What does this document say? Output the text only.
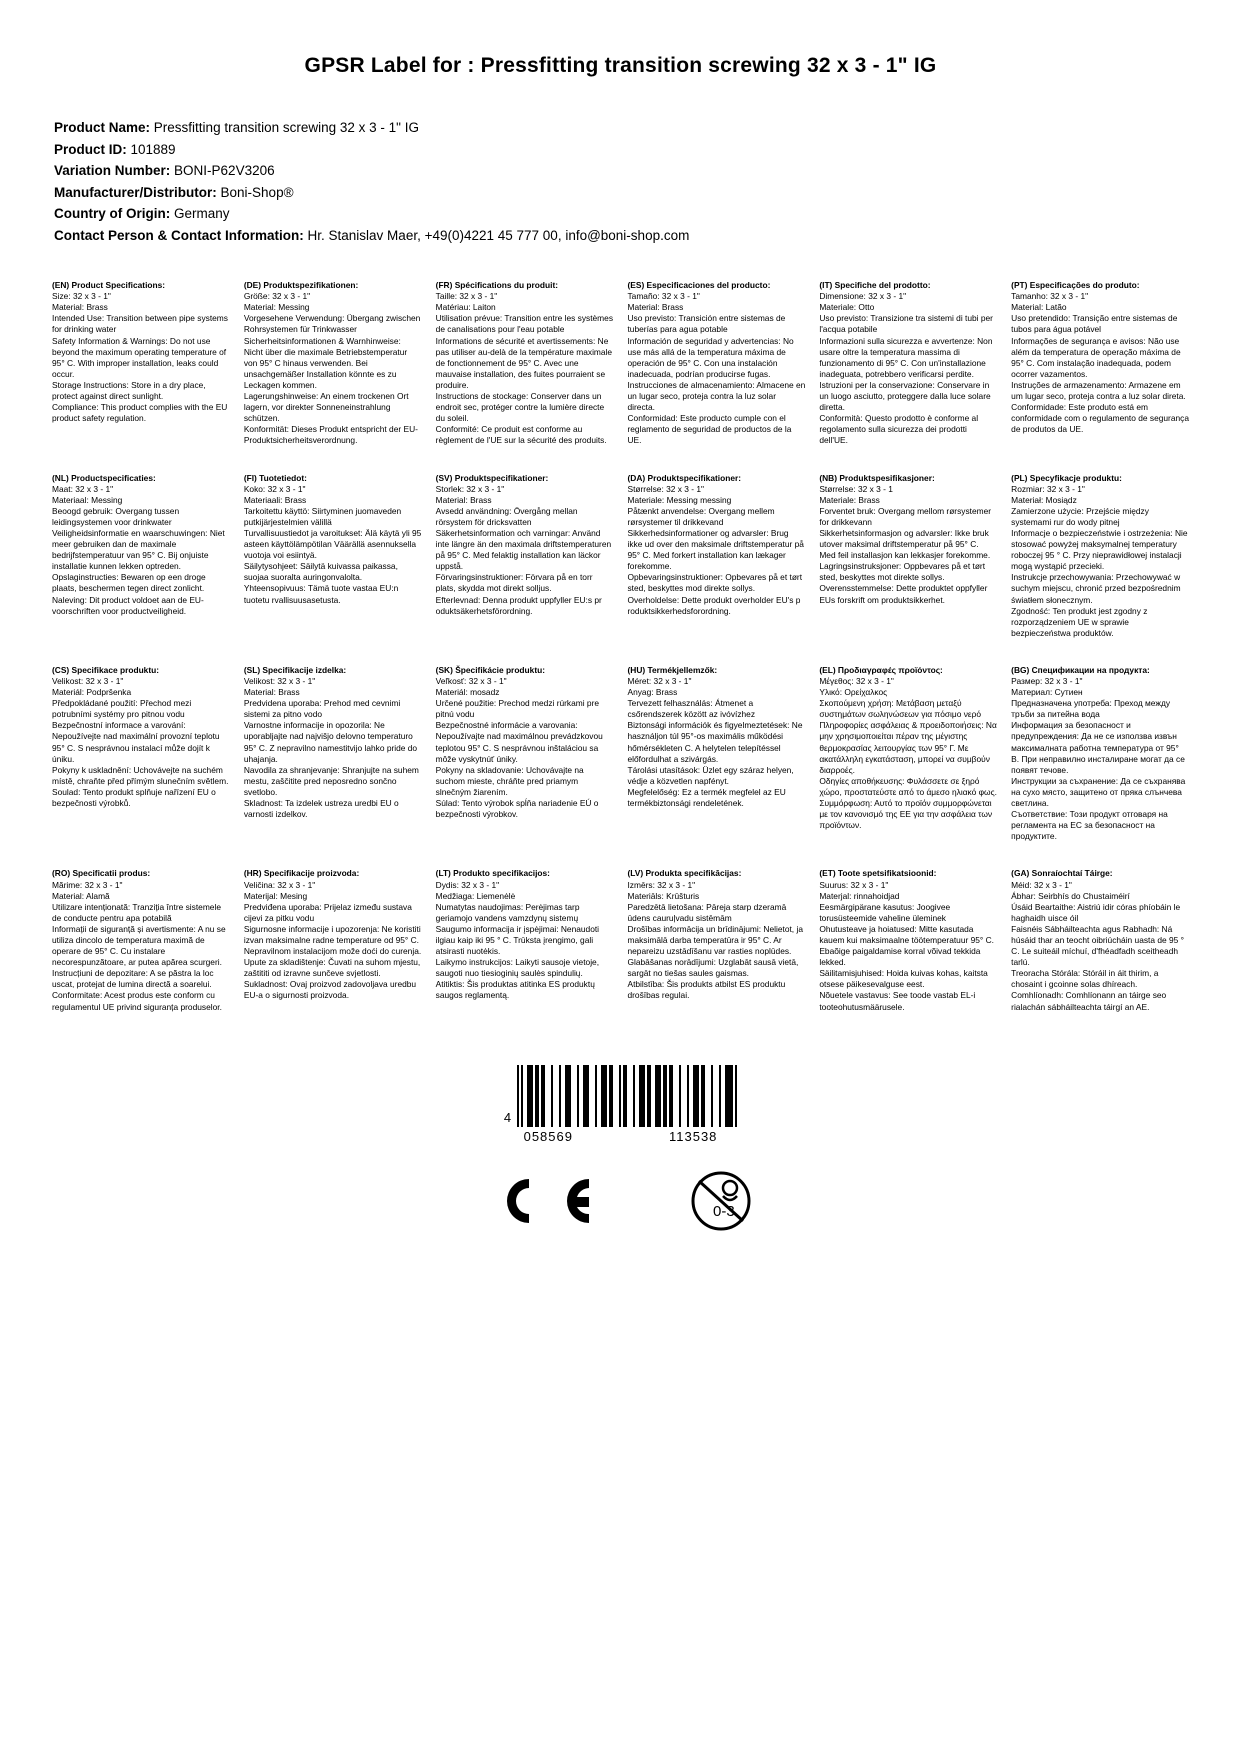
GPSR Label for : Pressfitting transition screwing 32 x 3 - 1" IG
Product Name: Pressfitting transition screwing 32 x 3 - 1" IG
Product ID: 101889
Variation Number: BONI-P62V3206
Manufacturer/Distributor: Boni-Shop®
Country of Origin: Germany
Contact Person & Contact Information: Hr. Stanislav Maer, +49(0)4221 45 777 00, info@boni-shop.com
(EN) Product Specifications:
Size: 32 x 3 - 1"
Material: Brass
Intended Use: Transition between pipe systems for drinking water
Safety Information & Warnings: Do not use beyond the maximum operating temperature of 95° C. With improper installation, leaks could occur.
Storage Instructions: Store in a dry place, protect against direct sunlight.
Compliance: This product complies with the EU product safety regulation.
(DE) Produktspezifikationen:
Größe: 32 x 3 - 1"
Material: Messing
Vorgesehene Verwendung: Übergang zwischen Rohrsystemen für Trinkwasser
Sicherheitsinformationen & Warnhinweise: Nicht über die maximale Betriebstemperatur von 95° C hinaus verwenden. Bei unsachgemäßer Installation könnte es zu Leckagen kommen.
Lagerungshinweise: An einem trockenen Ort lagern, vor direkter Sonneneinstrahlung schützen.
Konformität: Dieses Produkt entspricht der EU-Produktsicherheitsverordnung.
(FR) Spécifications du produit:
Taille: 32 x 3 - 1"
Matériau: Laiton
Utilisation prévue: Transition entre les systèmes de canalisations pour l'eau potable
Informations de sécurité et avertissements: Ne pas utiliser au-delà de la température maximale de fonctionnement de 95° C. Avec une mauvaise installation, des fuites pourraient se produire.
Instructions de stockage: Conserver dans un endroit sec, protéger contre la lumière directe du soleil.
Conformité: Ce produit est conforme au règlement de l'UE sur la sécurité des produits.
(ES) Especificaciones del producto:
Tamaño: 32 x 3 - 1"
Material: Brass
Uso previsto: Transición entre sistemas de tuberías para agua potable
Información de seguridad y advertencias: No use más allá de la temperatura máxima de operación de 95° C. Con una instalación inadecuada, podrían producirse fugas.
Instrucciones de almacenamiento: Almacene en un lugar seco, proteja contra la luz solar directa.
Conformidad: Este producto cumple con el reglamento de seguridad de productos de la UE.
(IT) Specifiche del prodotto:
Dimensione: 32 x 3 - 1"
Materiale: Otto
Uso previsto: Transizione tra sistemi di tubi per l'acqua potabile
Informazioni sulla sicurezza e avvertenze: Non usare oltre la temperatura massima di funzionamento di 95° C. Con un'installazione inadeguata, potrebbero verificarsi perdite.
Istruzioni per la conservazione: Conservare in un luogo asciutto, proteggere dalla luce solare diretta.
Conformità: Questo prodotto è conforme al regolamento sulla sicurezza dei prodotti dell'UE.
(PT) Especificações do produto:
Tamanho: 32 x 3 - 1"
Material: Latão
Uso pretendido: Transição entre sistemas de tubos para água potável
Informações de segurança e avisos: Não use além da temperatura de operação máxima de 95° C. Com instalação inadequada, podem ocorrer vazamentos.
Instruções de armazenamento: Armazene em um lugar seco, proteja contra a luz solar direta.
Conformidade: Este produto está em conformidade com o regulamento de segurança de produtos da UE.
(NL) Productspecificaties:
Maat: 32 x 3 - 1"
Materiaal: Messing
Beoogd gebruik: Overgang tussen leidingsystemen voor drinkwater
Veiligheidsinformatie en waarschuwingen: Niet meer gebruiken dan de maximale bedrijfstemperatuur van 95° C. Bij onjuiste installatie kunnen lekken optreden.
Opslaginstructies: Bewaren op een droge plaats, beschermen tegen direct zonlicht.
Naleving: Dit product voldoet aan de EU-voorschriften voor productveiligheid.
(FI) Tuotetiedot:
Koko: 32 x 3 - 1"
Materiaali: Brass
Tarkoitettu käyttö: Siirtyminen juomaveden putkijärjestelmien välillä
Turvallisuustiedot ja varoitukset: Älä käytä yli 95 asteen käyttölämpötilan Väärällä asennuksella vuotoja voi esiintyä.
Säilytysohjeet: Säilytä kuivassa paikassa, suojaa suoralta auringonvalolta.
Yhteensopivuus: Tämä tuote vastaa EU:n tuotetu rvallisuusasetusta.
(SV) Produktspecifikationer:
Storlek: 32 x 3 - 1"
Material: Brass
Avsedd användning: Övergång mellan rörsystem för dricksvatten
Säkerhetsinformation och varningar: Använd inte längre än den maximala driftstemperaturen på 95° C. Med felaktig installation kan läckor uppstå.
Förvaringsinstruktioner: Förvara på en torr plats, skydda mot direkt solljus.
Efterlevnad: Denna produkt uppfyller EU:s pr oduktsäkerhetsförordning.
(DA) Produktspecifikationer:
Størrelse: 32 x 3 - 1"
Materiale: Messing messing
Påtænkt anvendelse: Overgang mellem rørsystemer til drikkevand
Sikkerhedsinformationer og advarsler: Brug ikke ud over den maksimale driftstemperatur på 95° C. Med forkert installation kan lækager forekomme.
Opbevaringsinstruktioner: Opbevares på et tørt sted, beskyttes mod direkte sollys.
Overholdelse: Dette produkt overholder EU's p roduktsikkerhedsforordning.
(NB) Produktspesifikasjoner:
Størrelse: 32 x 3 - 1
Materiale: Brass
Forventet bruk: Overgang mellom rørsystemer for drikkevann
Sikkerhetsinformasjon og advarsler: Ikke bruk utover maksimal driftstemperatur på 95° C. Med feil installasjon kan lekkasjer forekomme.
Lagringsinstruksjoner: Oppbevares på et tørt sted, beskyttes mot direkte sollys.
Overensstemmelse: Dette produktet oppfyller EUs forskrift om produktsikkerhet.
(PL) Specyfikacje produktu:
Rozmiar: 32 x 3 - 1"
Materiał: Mosiądz
Zamierzone użycie: Przejście między systemami rur do wody pitnej
Informacje o bezpieczeństwie i ostrzeżenia: Nie stosować powyżej maksymalnej temperatury roboczej 95 ° C. Przy nieprawidłowej instalacji mogą wystąpić przecieki.
Instrukcje przechowywania: Przechowywać w suchym miejscu, chronić przed bezpośrednim światłem słonecznym.
Zgodność: Ten produkt jest zgodny z rozporządzeniem UE w sprawie bezpieczeństwa produktów.
(CS) Specifikace produktu:
Velikost: 32 x 3 - 1"
Materiál: Podpršenka
Předpokládané použití: Přechod mezi potrubními systémy pro pitnou vodu
Bezpečnostní informace a varování: Nepoužívejte nad maximální provozní teplotu 95° C. S nesprávnou instalací může dojít k úniku.
Pokyny k uskladnění: Uchovávejte na suchém místě, chraňte před přímým slunečním světlem.
Soulad: Tento produkt splňuje nařízení EU o bezpečnosti výrobků.
(SL) Specifikacije izdelka:
Velikost: 32 x 3 - 1"
Material: Brass
Predvidena uporaba: Prehod med cevnimi sistemi za pitno vodo
Varnostne informacije in opozorila: Ne uporabljajte nad najvišjo delovno temperaturo 95° C. Z nepravilno namestitvijo lahko pride do uhajanja.
Navodila za shranjevanje: Shranjujte na suhem mestu, zaščitite pred neposredno sončno svetlobo.
Skladnost: Ta izdelek ustreza uredbi EU o varnosti izdelkov.
(SK) Špecifikácie produktu:
Veľkosť: 32 x 3 - 1"
Materiál: mosadz
Určené použitie: Prechod medzi rúrkami pre pitnú vodu
Bezpečnostné informácie a varovania: Nepoužívajte nad maximálnou prevádzkovou teplotou 95° C. S nesprávnou inštaláciou sa môže vyskytnúť úniky.
Pokyny na skladovanie: Uchovávajte na suchom mieste, chráňte pred priamym slnečným žiarením.
Súlad: Tento výrobok spĺňa nariadenie EÚ o bezpečnosti výrobkov.
(HU) Termékjellemzők:
Méret: 32 x 3 - 1"
Anyag: Brass
Tervezett felhasználás: Átmenet a csőrendszerek között az ivóvízhez
Biztonsági információk és figyelmeztetések: Ne használjon túl 95°-os maximális működési hőmérsékleten C. A helytelen telepítéssel előfordulhat a szivárgás.
Tárolási utasítások: Üzlet egy száraz helyen, védje a közvetlen napfényt.
Megfelelőség: Ez a termék megfelel az EU termékbiztonsági rendeletének.
(EL) Προδιαγραφές προϊόντος:
Μέγεθος: 32 x 3 - 1"
Υλικό: Ορείχαλκος
Σκοπούμενη χρήση: Μετάβαση μεταξύ συστημάτων σωληνώσεων για πόσιμο νερό
Πληροφορίες ασφάλειας & προειδοποιήσεις: Να μην χρησιμοποιείται πέραν της μέγιστης θερμοκρασίας λειτουργίας των 95° Γ. Με ακατάλληλη εγκατάσταση, μπορεί να συμβούν διαρροές.
Οδηγίες αποθήκευσης: Φυλάσσετε σε ξηρό χώρο, προστατεύστε από το άμεσο ηλιακό φως.
Συμμόρφωση: Αυτό το προϊόν συμμορφώνεται με τον κανονισμό της ΕΕ για την ασφάλεια των προϊόντων.
(BG) Спецификации на продукта:
Размер: 32 x 3 - 1"
Материал: Сутиен
Предназначена употреба: Преход между тръби за питейна вода
Информация за безопасност и предупреждения: Да не се използва извън максималната работна температура от 95° В. При неправилно инсталиране могат да се появят течове.
Инструкции за съхранение: Да се съхранява на сухо място, защитено от пряка слънчева светлина.
Съответствие: Този продукт отговаря на регламента на ЕС за безопасност на продуктите.
(RO) Specificatii produs:
Mărime: 32 x 3 - 1"
Material: Alamă
Utilizare intenționată: Tranziția între sistemele de conducte pentru apa potabilă
Informații de siguranță și avertismente: A nu se utiliza dincolo de temperatura maximă de operare de 95° C. Cu instalare necorespunzătoare, ar putea apărea scurgeri.
Instrucțiuni de depozitare: A se păstra la loc uscat, protejat de lumina directă a soarelui.
Conformitate: Acest produs este conform cu regulamentul UE privind siguranța produselor.
(HR) Specifikacije proizvoda:
Veličina: 32 x 3 - 1"
Materijal: Mesing
Predviđena uporaba: Prijelaz između sustava cijevi za pitku vodu
Sigurnosne informacije i upozorenja: Ne koristiti izvan maksimalne radne temperature od 95° C. Nepravilnom instalacijom može doći do curenja.
Upute za skladištenje: Čuvati na suhom mjestu, zaštititi od izravne sunčeve svjetlosti.
Sukladnost: Ovaj proizvod zadovoljava uredbu EU-a o sigurnosti proizvoda.
(LT) Produkto specifikacijos:
Dydis: 32 x 3 - 1"
Medžiaga: Liemenėlė
Numatytas naudojimas: Perėjimas tarp geriamojo vandens vamzdynų sistemų
Saugumo informacija ir įspėjimai: Nenaudoti ilgiau kaip iki 95 ° C. Trūksta įrengimo, gali atsirasti nuotėkis.
Laikymo instrukcijos: Laikyti sausoje vietoje, saugoti nuo tiesioginių saulės spindulių.
Atitiktis: Šis produktas atitinka ES produktų saugos reglamentą.
(LV) Produkta specifikācijas:
Izmērs: 32 x 3 - 1"
Materiāls: Krūšturis
Paredzētā lietošana: Pāreja starp dzeramā ūdens cauruļvadu sistēmām
Drošības informācija un brīdinājumi: Nelietot, ja maksimālā darba temperatūra ir 95° C. Ar nepareizu uzstādīšanu var rasties noplūdes.
Glabāšanas norādījumi: Uzglabāt sausā vietā, sargāt no tiešas saules gaismas.
Atbilstība: Šis produkts atbilst ES produktu drošības regulai.
(ET) Toote spetsifikatsioonid:
Suurus: 32 x 3 - 1"
Materjal: rinnahoidjad
Eesmärgipärane kasutus: Joogivee torusüsteemide vaheline üleminek
Ohutusteave ja hoiatused: Mitte kasutada kauem kui maksimaalne töötemperatuur 95° C. Ebaõige paigaldamise korral võivad tekkida lekked.
Säilitamisjuhised: Hoida kuivas kohas, kaitsta otsese päikesevalguse eest.
Nõuetele vastavus: See toode vastab EL-i tooteohutusmäärusele.
(GA) Sonraíochtaí Táirge:
Méid: 32 x 3 - 1"
Ábhar: Seirbhís do Chustaiméirí
Úsáid Beartaithe: Aistriú idir córas phíobáin le haghaidh uisce óil
Faisnéis Sábháilteachta agus Rabhadh: Ná húsáid thar an teocht oibriúcháin uasta de 95 ° C. Le suiteáil míchuí, d'fhéadfadh sceitheadh tarlú.
Treoracha Stórála: Stóráil in áit thirim, a chosaint i gcoinne solas dhíreach.
Comhlíonadh: Comhlíonann an táirge seo rialachán sábháilteachta táirgí an AE.
4
058569	113538
0-3
